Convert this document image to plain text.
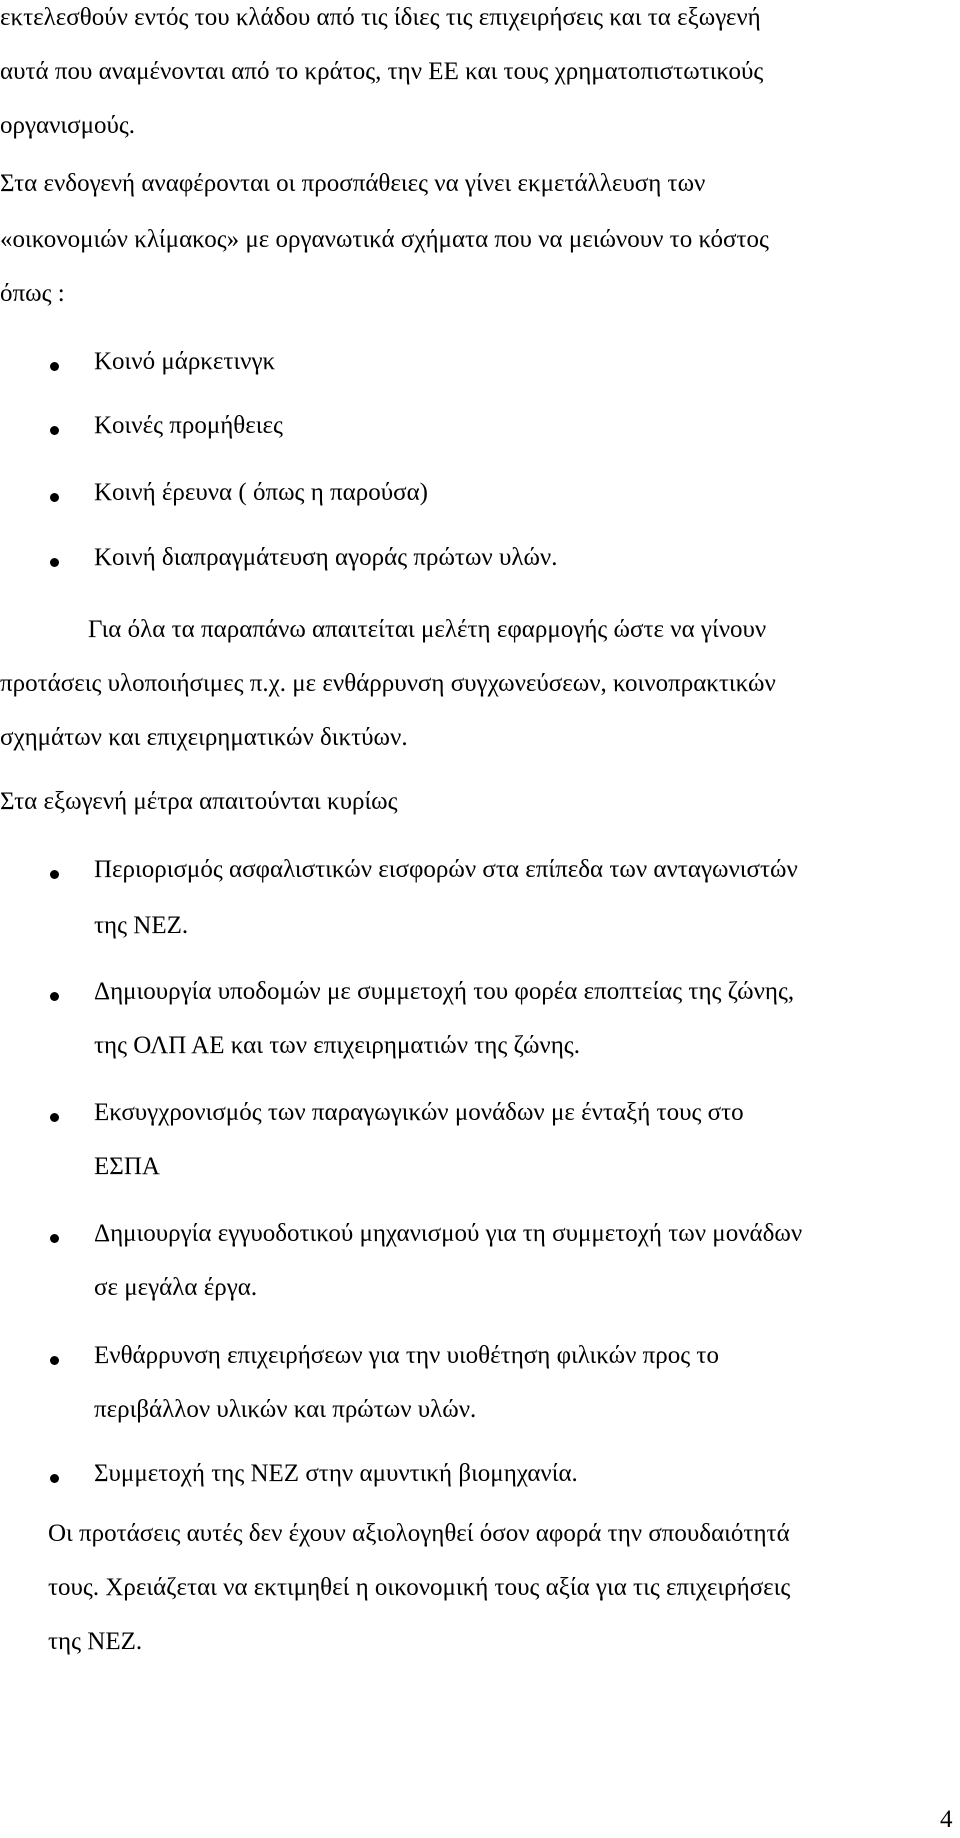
εκτελεσθούν εντός του κλάδου από τις ίδιες τις επιχειρήσεις και τα εξωγενή
αυτά που αναμένονται από το κράτος, την ΕΕ και τους χρηματοπιστωτικούς
οργανισμούς.
Στα ενδογενή αναφέρονται οι προσπάθειες να γίνει εκμετάλλευση των
«οικονομιών κλίμακος» με οργανωτικά σχήματα που να μειώνουν το κόστος
όπως :
Κοινό μάρκετινγκ
Κοινές προμήθειες
Κοινή έρευνα ( όπως η παρούσα)
Κοινή διαπραγμάτευση αγοράς πρώτων υλών.
Για όλα τα παραπάνω απαιτείται μελέτη εφαρμογής ώστε να γίνουν
προτάσεις υλοποιήσιμες π.χ. με ενθάρρυνση συγχωνεύσεων, κοινοπρακτικών
σχημάτων και επιχειρηματικών δικτύων.
Στα εξωγενή μέτρα απαιτούνται κυρίως
Περιορισμός ασφαλιστικών εισφορών στα επίπεδα των ανταγωνιστών
της ΝΕΖ.
Δημιουργία υποδομών με συμμετοχή του φορέα εποπτείας της ζώνης,
της ΟΛΠ ΑΕ και των επιχειρηματιών της ζώνης.
Εκσυγχρονισμός των παραγωγικών μονάδων με ένταξή τους στο
ΕΣΠΑ
Δημιουργία εγγυοδοτικού μηχανισμού για τη συμμετοχή των μονάδων
σε μεγάλα έργα.
Ενθάρρυνση επιχειρήσεων για την υιοθέτηση φιλικών προς το
περιβάλλον υλικών και πρώτων υλών.
Συμμετοχή της ΝΕΖ στην αμυντική βιομηχανία.
Οι προτάσεις αυτές δεν έχουν αξιολογηθεί όσον αφορά την σπουδαιότητά
τους. Χρειάζεται να εκτιμηθεί η οικονομική τους αξία για τις επιχειρήσεις
της ΝΕΖ.
4
